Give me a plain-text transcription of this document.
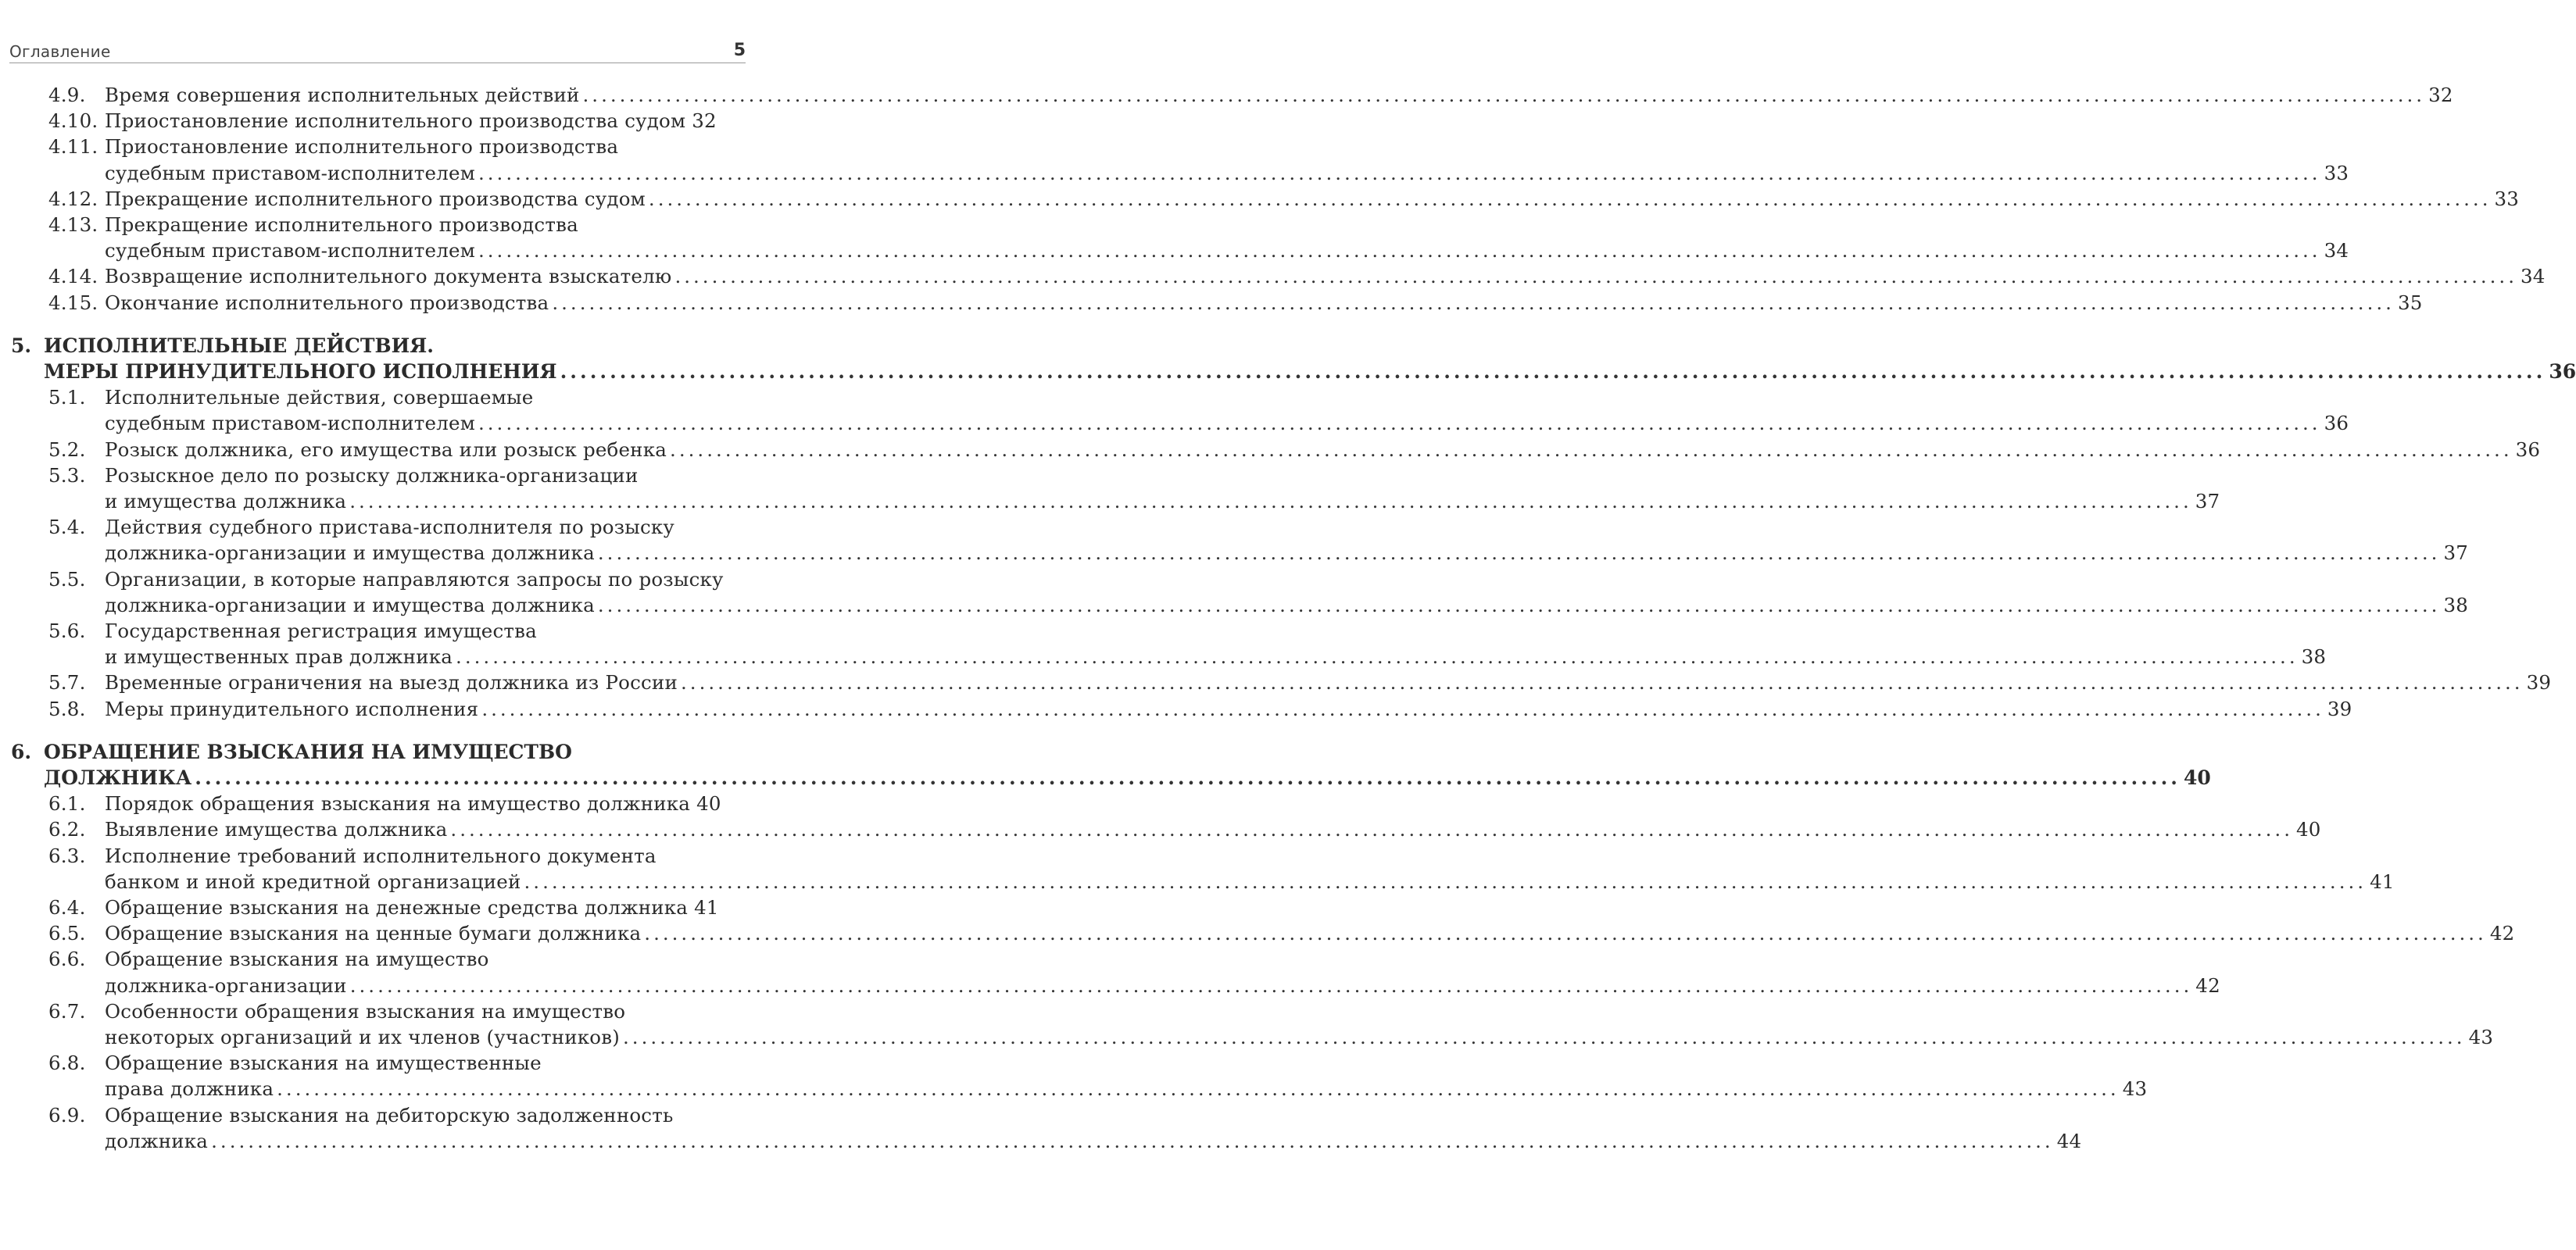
Оглавление	5
4.9. Время совершения исполнительных действий ........................................................................................................................................................................................................ 32
4.10. Приостановление исполнительного производства судом 32
4.11. Приостановление исполнительного производства
судебным приставом-исполнителем ........................................................................................................................................................................................................ 33
4.12. Прекращение исполнительного производства судом ........................................................................................................................................................................................................ 33
4.13. Прекращение исполнительного производства
судебным приставом-исполнителем ........................................................................................................................................................................................................ 34
4.14. Возвращение исполнительного документа взыскателю ........................................................................................................................................................................................................ 34
4.15. Окончание исполнительного производства ........................................................................................................................................................................................................ 35
5. ИСПОЛНИТЕЛЬНЫЕ ДЕЙСТВИЯ.
МЕРЫ ПРИНУДИТЕЛЬНОГО ИСПОЛНЕНИЯ ........................................................................................................................................................................................................ 36
5.1. Исполнительные действия, совершаемые
судебным приставом-исполнителем ........................................................................................................................................................................................................ 36
5.2. Розыск должника, его имущества или розыск ребенка ........................................................................................................................................................................................................ 36
5.3. Розыскное дело по розыску должника-организации
и имущества должника ........................................................................................................................................................................................................ 37
5.4. Действия судебного пристава-исполнителя по розыску
должника-организации и имущества должника ........................................................................................................................................................................................................ 37
5.5. Организации, в которые направляются запросы по розыску
должника-организации и имущества должника ........................................................................................................................................................................................................ 38
5.6. Государственная регистрация имущества
и имущественных прав должника ........................................................................................................................................................................................................ 38
5.7. Временные ограничения на выезд должника из России ........................................................................................................................................................................................................ 39
5.8. Меры принудительного исполнения ........................................................................................................................................................................................................ 39
6. ОБРАЩЕНИЕ ВЗЫСКАНИЯ НА ИМУЩЕСТВО
ДОЛЖНИКА ........................................................................................................................................................................................................ 40
6.1. Порядок обращения взыскания на имущество должника 40
6.2. Выявление имущества должника ........................................................................................................................................................................................................ 40
6.3. Исполнение требований исполнительного документа
банком и иной кредитной организацией ........................................................................................................................................................................................................ 41
6.4. Обращение взыскания на денежные средства должника 41
6.5. Обращение взыскания на ценные бумаги должника ........................................................................................................................................................................................................ 42
6.6. Обращение взыскания на имущество
должника-организации ........................................................................................................................................................................................................ 42
6.7. Особенности обращения взыскания на имущество
некоторых организаций и их членов (участников) ........................................................................................................................................................................................................ 43
6.8. Обращение взыскания на имущественные
права должника ........................................................................................................................................................................................................ 43
6.9. Обращение взыскания на дебиторскую задолженность
должника ........................................................................................................................................................................................................ 44
